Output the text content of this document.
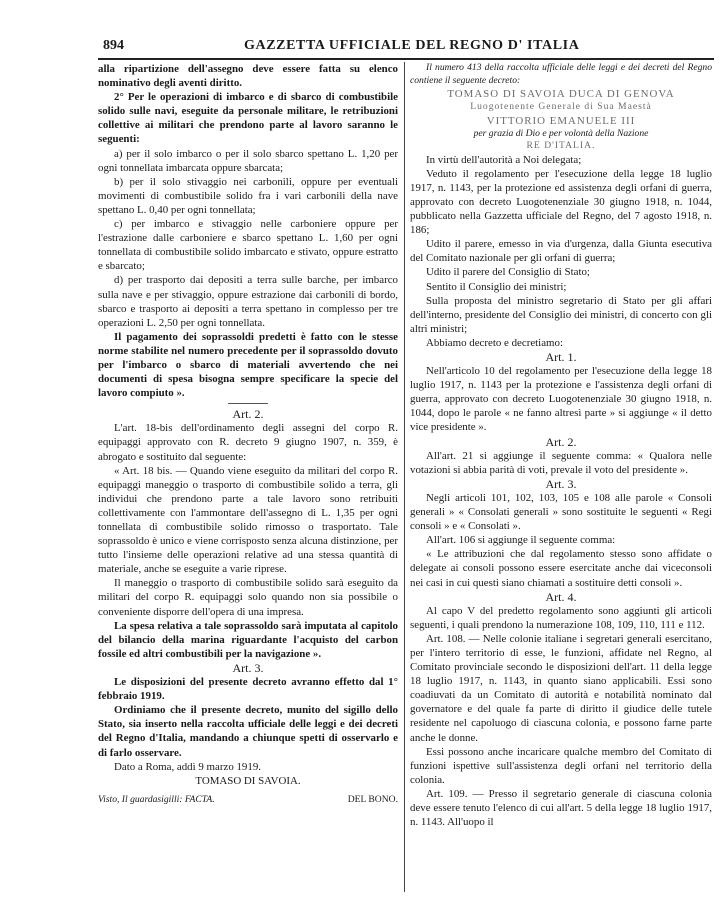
894	GAZZETTA UFFICIALE DEL REGNO D' ITALIA

alla ripartizione dell'assegno deve essere fatta su elenco nominativo degli aventi diritto.

2° Per le operazioni di imbarco e di sbarco di combustibile solido sulle navi, eseguite da personale militare, le retribuzioni collettive ai militari che prendono parte al lavoro saranno le seguenti:

a) per il solo imbarco o per il solo sbarco spettano L. 1,20 per ogni tonnellata imbarcata oppure sbarcata;

b) per il solo stivaggio nei carbonili, oppure per eventuali movimenti di combustibile solido fra i vari carbonili della nave spettano L. 0,40 per ogni tonnellata;

c) per imbarco e stivaggio nelle carboniere oppure per l'estrazione dalle carboniere e sbarco spettano L. 1,60 per ogni tonnellata di combustibile solido imbarcato e stivato, oppure estratto e sbarcato;

d) per trasporto dai depositi a terra sulle barche, per imbarco sulla nave e per stivaggio, oppure estrazione dai carbonili di bordo, sbarco e trasporto ai depositi a terra spettano in complesso per tre operazioni L. 2,50 per ogni tonnellata.

Il pagamento dei soprassoldi predetti è fatto con le stesse norme stabilite nel numero precedente per il soprassoldo dovuto per l'imbarco o sbarco di materiali avvertendo che nei documenti di spesa bisogna sempre specificare la specie del lavoro compiuto ».

Art. 2.

L'art. 18-bis dell'ordinamento degli assegni del corpo R. equipaggi approvato con R. decreto 9 giugno 1907, n. 359, è abrogato e sostituito dal seguente:

« Art. 18 bis. — Quando viene eseguito da militari del corpo R. equipaggi maneggio o trasporto di combustibile solido a terra, gli individui che prendono parte a tale lavoro sono retribuiti collettivamente con l'ammontare dell'assegno di L. 1,35 per ogni tonnellata di combustibile solido rimosso o trasportato. Tale soprassoldo è unico e viene corrisposto senza alcuna distinzione, per tutto l'insieme delle operazioni relative ad una stessa quantità di materiale, anche se eseguite a varie riprese.

Il maneggio o trasporto di combustibile solido sarà eseguito da militari del corpo R. equipaggi solo quando non sia possibile o conveniente disporre dell'opera di una impresa.

La spesa relativa a tale soprassoldo sarà imputata al capitolo del bilancio della marina riguardante l'acquisto del carbon fossile ed altri combustibili per la navigazione ».

Art. 3.

Le disposizioni del presente decreto avranno effetto dal 1° febbraio 1919.

Ordiniamo che il presente decreto, munito del sigillo dello Stato, sia inserto nella raccolta ufficiale delle leggi e dei decreti del Regno d'Italia, mandando a chiunque spetti di osservarlo e di farlo osservare.

Dato a Roma, addì 9 marzo 1919.

TOMASO DI SAVOIA.

Visto, Il guardasigilli: FACTA.	DEL BONO.

Il numero 413 della raccolta ufficiale delle leggi e dei decreti del Regno contiene il seguente decreto:

TOMASO DI SAVOIA DUCA DI GENOVA

Luogotenente Generale di Sua Maestà

VITTORIO EMANUELE III

per grazia di Dio e per volontà della Nazione

RE D'ITALIA.

In virtù dell'autorità a Noi delegata;

Veduto il regolamento per l'esecuzione della legge 18 luglio 1917, n. 1143, per la protezione ed assistenza degli orfani di guerra, approvato con decreto Luogotenenziale 30 giugno 1918, n. 1044, pubblicato nella Gazzetta ufficiale del Regno, del 7 agosto 1918, n. 186;

Udito il parere, emesso in via d'urgenza, dalla Giunta esecutiva del Comitato nazionale per gli orfani di guerra;

Udito il parere del Consiglio di Stato;

Sentito il Consiglio dei ministri;

Sulla proposta del ministro segretario di Stato per gli affari dell'interno, presidente del Consiglio dei ministri, di concerto con gli altri ministri;

Abbiamo decreto e decretiamo:

Art. 1.

Nell'articolo 10 del regolamento per l'esecuzione della legge 18 luglio 1917, n. 1143 per la protezione e l'assistenza degli orfani di guerra, approvato con decreto Luogotenenziale 30 giugno 1918, n. 1044, dopo le parole « ne fanno altresì parte » si aggiunge « il detto vice presidente ».

Art. 2.

All'art. 21 si aggiunge il seguente comma: « Qualora nelle votazioni si abbia parità di voti, prevale il voto del presidente ».

Art. 3.

Negli articoli 101, 102, 103, 105 e 108 alle parole « Consoli generali » « Consolati generali » sono sostituite le seguenti « Regi consoli » e « Consolati ».

All'art. 106 si aggiunge il seguente comma:

« Le attribuzioni che dal regolamento stesso sono affidate o delegate ai consoli possono essere esercitate anche dai viceconsoli nei casi in cui questi siano chiamati a sostituire detti consoli ».

Art. 4.

Al capo V del predetto regolamento sono aggiunti gli articoli seguenti, i quali prendono la numerazione 108, 109, 110, 111 e 112.

Art. 108. — Nelle colonie italiane i segretari generali esercitano, per l'intero territorio di esse, le funzioni, affidate nel Regno, al Comitato provinciale secondo le disposizioni dell'art. 11 della legge 18 luglio 1917, n. 1143, in quanto siano applicabili. Essi sono coadiuvati da un Comitato di autorità e notabilità nominato dal governatore e del quale fa parte di diritto il giudice delle tutele residente nel capoluogo di ciascuna colonia, e possono farne parte anche le donne.

Essi possono anche incaricare qualche membro del Comitato di funzioni ispettive sull'assistenza degli orfani nel territorio della colonia.

Art. 109. — Presso il segretario generale di ciascuna colonia deve essere tenuto l'elenco di cui all'art. 5 della legge 18 luglio 1917, n. 1143. All'uopo il
